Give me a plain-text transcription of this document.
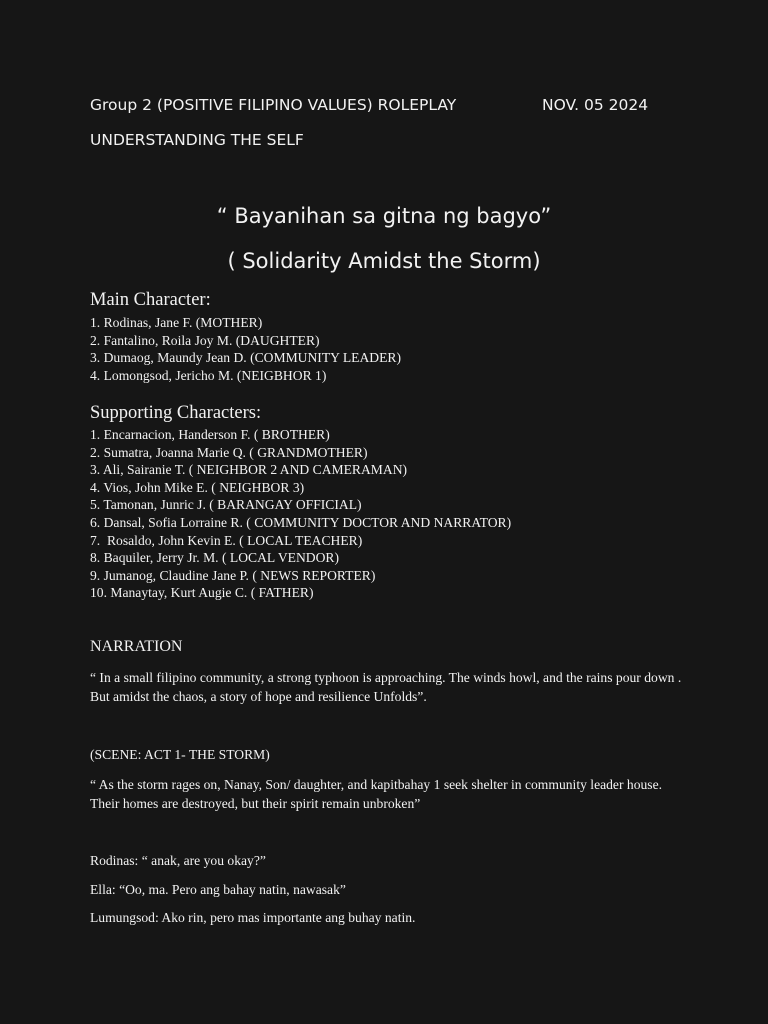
Group 2 (POSITIVE FILIPINO VALUES) ROLEPLAY	NOV. 05 2024
UNDERSTANDING THE SELF
“ Bayanihan sa gitna ng bagyo”
( Solidarity Amidst the Storm)
Main Character:
1. Rodinas, Jane F. (MOTHER)
2. Fantalino, Roila Joy M. (DAUGHTER)
3. Dumaog, Maundy Jean D. (COMMUNITY LEADER)
4. Lomongsod, Jericho M. (NEIGBHOR 1)
Supporting Characters:
1. Encarnacion, Handerson F. ( BROTHER)
2. Sumatra, Joanna Marie Q. ( GRANDMOTHER)
3. Ali, Sairanie T. ( NEIGHBOR 2 AND CAMERAMAN)
4. Vios, John Mike E. ( NEIGHBOR 3)
5. Tamonan, Junric J. ( BARANGAY OFFICIAL)
6. Dansal, Sofia Lorraine R. ( COMMUNITY DOCTOR AND NARRATOR)
7.  Rosaldo, John Kevin E. ( LOCAL TEACHER)
8. Baquiler, Jerry Jr. M. ( LOCAL VENDOR)
9. Jumanog, Claudine Jane P. ( NEWS REPORTER)
10. Manaytay, Kurt Augie C. ( FATHER)
NARRATION

“ In a small filipino community, a strong typhoon is approaching. The winds howl, and the rains pour down . But amidst the chaos, a story of hope and resilience Unfolds”.

(SCENE: ACT 1- THE STORM)

“ As the storm rages on, Nanay, Son/ daughter, and kapitbahay 1 seek shelter in community leader house. Their homes are destroyed, but their spirit remain unbroken”

Rodinas: “ anak, are you okay?”
Ella: “Oo, ma. Pero ang bahay natin, nawasak”
Lumungsod: Ako rin, pero mas importante ang buhay natin.
